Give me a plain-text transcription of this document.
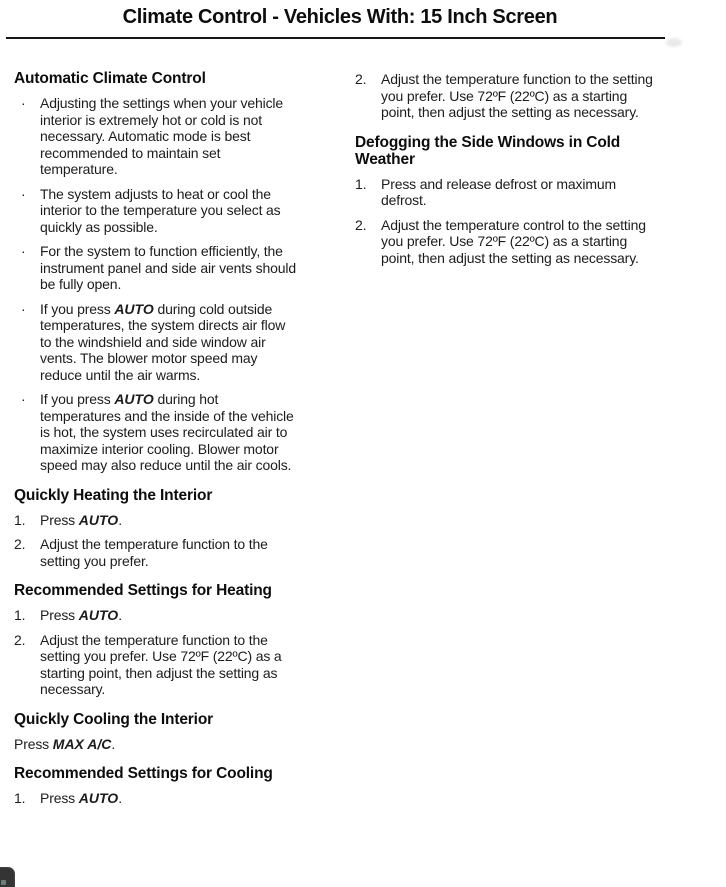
Climate Control - Vehicles With: 15 Inch Screen
Automatic Climate Control
·	Adjusting the settings when your vehicle interior is extremely hot or cold is not necessary. Automatic mode is best recommended to maintain set temperature.
·	The system adjusts to heat or cool the interior to the temperature you select as quickly as possible.
·	For the system to function efficiently, the instrument panel and side air vents should be fully open.
·	If you press AUTO during cold outside temperatures, the system directs air flow to the windshield and side window air vents. The blower motor speed may reduce until the air warms.
·	If you press AUTO during hot temperatures and the inside of the vehicle is hot, the system uses recirculated air to maximize interior cooling. Blower motor speed may also reduce until the air cools.
Quickly Heating the Interior
1.	Press AUTO.
2.	Adjust the temperature function to the setting you prefer.
Recommended Settings for Heating
1.	Press AUTO.
2.	Adjust the temperature function to the setting you prefer. Use 72ºF (22ºC) as a starting point, then adjust the setting as necessary.
Quickly Cooling the Interior

Press MAX A/C.

Recommended Settings for Cooling
1.	Press AUTO.
2.	Adjust the temperature function to the setting you prefer. Use 72ºF (22ºC) as a starting point, then adjust the setting as necessary.
Defogging the Side Windows in Cold Weather
1.	Press and release defrost or maximum defrost.
2.	Adjust the temperature control to the setting you prefer. Use 72ºF (22ºC) as a starting point, then adjust the setting as necessary.
